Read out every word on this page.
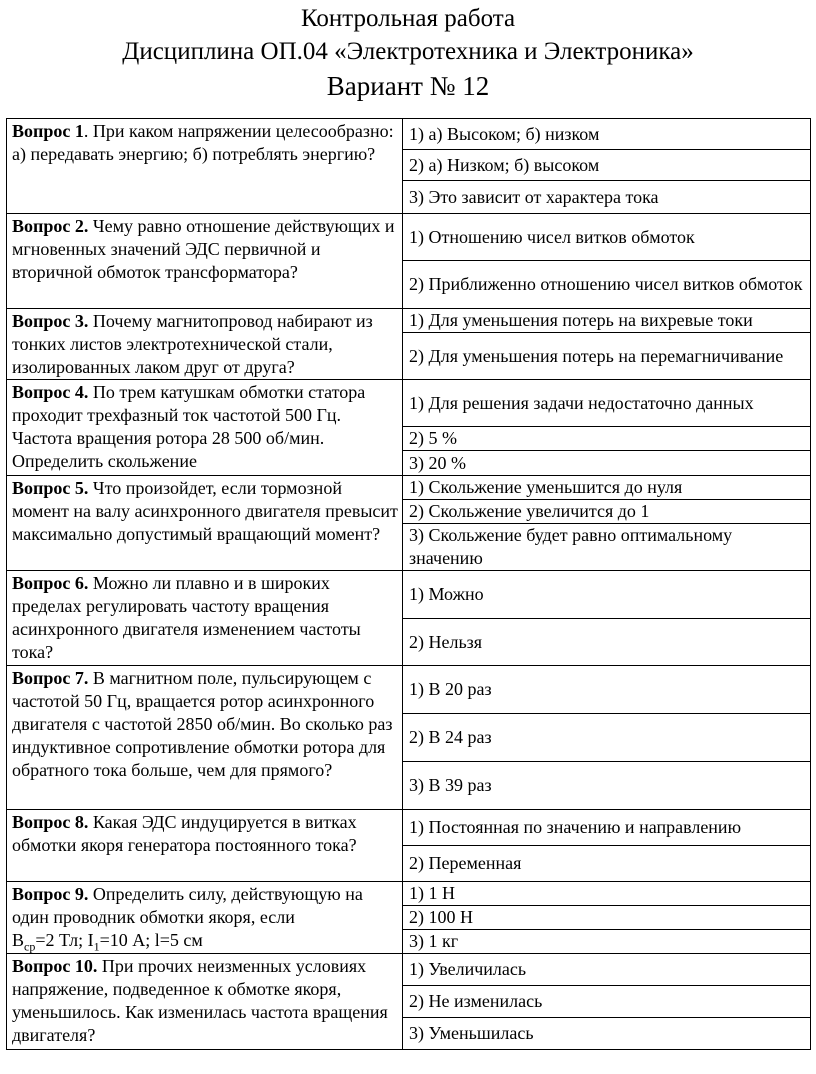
Контрольная работа
Дисциплина ОП.04 «Электротехника и Электроника»
Вариант № 12
Вопрос 1. При каком напряжении целесообразно:
а) передавать энергию; б) потреблять энергию?	1) а) Высоком; б) низком
	2) а) Низком; б) высоком
	3) Это зависит от характера тока
Вопрос 2. Чему равно отношение действующих и мгновенных значений ЭДС первичной и вторичной обмоток трансформатора?	1) Отношению чисел витков обмоток
	2) Приближенно отношению чисел витков обмоток
Вопрос 3. Почему магнитопровод набирают из тонких листов электротехнической стали, изолированных лаком друг от друга?	1) Для уменьшения потерь на вихревые токи
	2) Для уменьшения потерь на перемагничивание
Вопрос 4. По трем катушкам обмотки статора проходит трехфазный ток частотой 500 Гц. Частота вращения ротора 28 500 об/мин. Определить скольжение	1) Для решения задачи недостаточно данных
	2) 5 %
	3) 20 %
Вопрос 5. Что произойдет, если тормозной момент на валу асинхронного двигателя превысит максимально допустимый вращающий момент?	1) Скольжение уменьшится до нуля
	2) Скольжение увеличится до 1
	3) Скольжение будет равно оптимальному значению
Вопрос 6. Можно ли плавно и в широких пределах регулировать частоту вращения асинхронного двигателя изменением частоты тока?	1) Можно
	2) Нельзя
Вопрос 7. В магнитном поле, пульсирующем с частотой 50 Гц, вращается ротор асинхронного двигателя с частотой 2850 об/мин. Во сколько раз индуктивное сопротивление обмотки ротора для обратного тока больше, чем для прямого?	1) В 20 раз
	2) В 24 раз
	3) В 39 раз
Вопрос 8. Какая ЭДС индуцируется в витках обмотки якоря генератора постоянного тока?	1) Постоянная по значению и направлению
	2) Переменная
Вопрос 9. Определить силу, действующую на один проводник обмотки якоря, если
$В_{ср}=2$ Тл; $I_1=10$ А; l=5 см	1) 1 Н
	2) 100 Н
	3) 1 кг
Вопрос 10. При прочих неизменных условиях напряжение, подведенное к обмотке якоря, уменьшилось. Как изменилась частота вращения двигателя?	1) Увеличилась
	2) Не изменилась
	3) Уменьшилась
